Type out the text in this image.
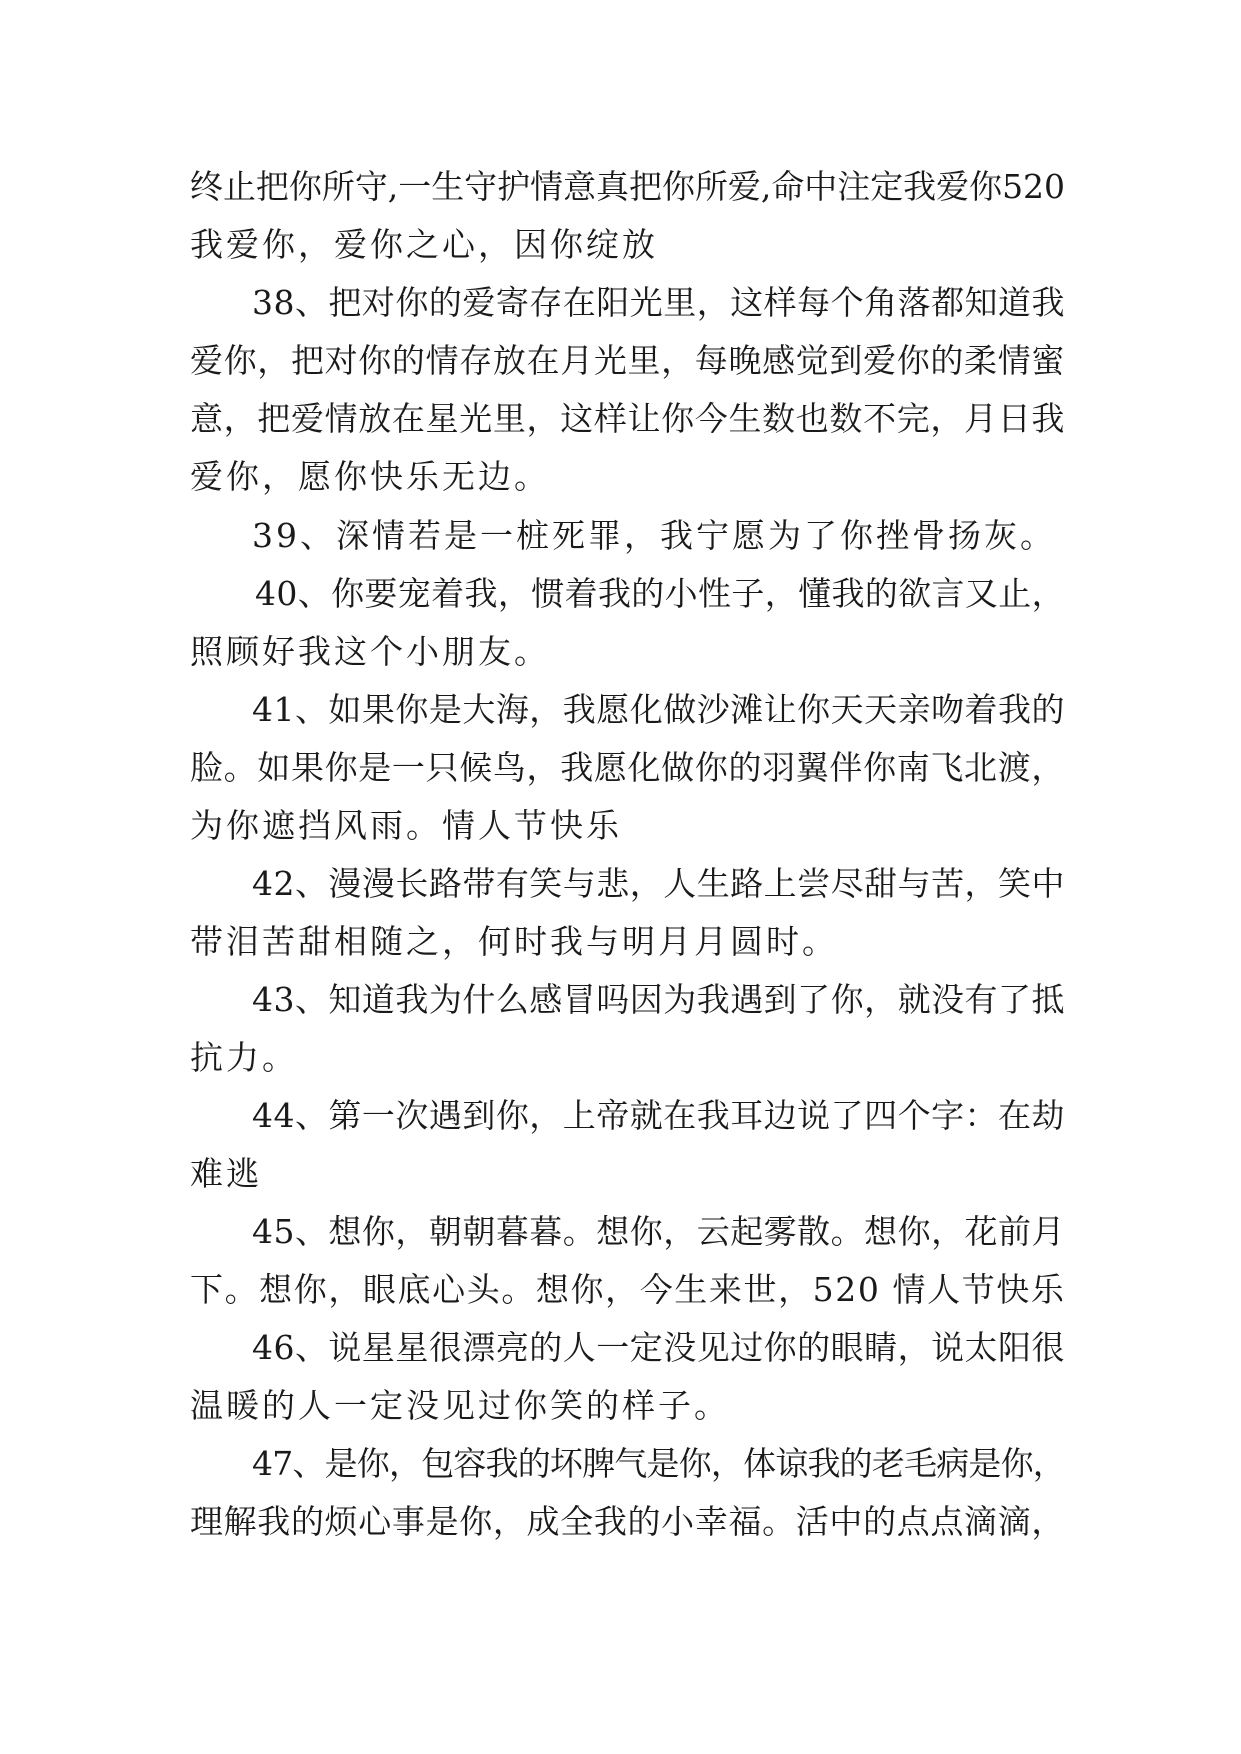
终止把你所守,一生守护情意真把你所爱,命中注定我爱你520
我爱你，爱你之心，因你绽放
38、把对你的爱寄存在阳光里，这样每个角落都知道我
爱你，把对你的情存放在月光里，每晚感觉到爱你的柔情蜜
意，把爱情放在星光里，这样让你今生数也数不完，月日我
爱你，愿你快乐无边。
39、深情若是一桩死罪，我宁愿为了你挫骨扬灰。
40、你要宠着我，惯着我的小性子，懂我的欲言又止，
照顾好我这个小朋友。
41、如果你是大海，我愿化做沙滩让你天天亲吻着我的
脸。如果你是一只候鸟，我愿化做你的羽翼伴你南飞北渡，
为你遮挡风雨。情人节快乐
42、漫漫长路带有笑与悲，人生路上尝尽甜与苦，笑中
带泪苦甜相随之，何时我与明月月圆时。
43、知道我为什么感冒吗因为我遇到了你，就没有了抵
抗力。
44、第一次遇到你，上帝就在我耳边说了四个字：在劫
难逃
45、想你，朝朝暮暮。想你，云起雾散。想你，花前月
下。想你，眼底心头。想你，今生来世，520 情人节快乐
46、说星星很漂亮的人一定没见过你的眼睛，说太阳很
温暖的人一定没见过你笑的样子。
47、是你，包容我的坏脾气是你，体谅我的老毛病是你，
理解我的烦心事是你，成全我的小幸福。活中的点点滴滴，
